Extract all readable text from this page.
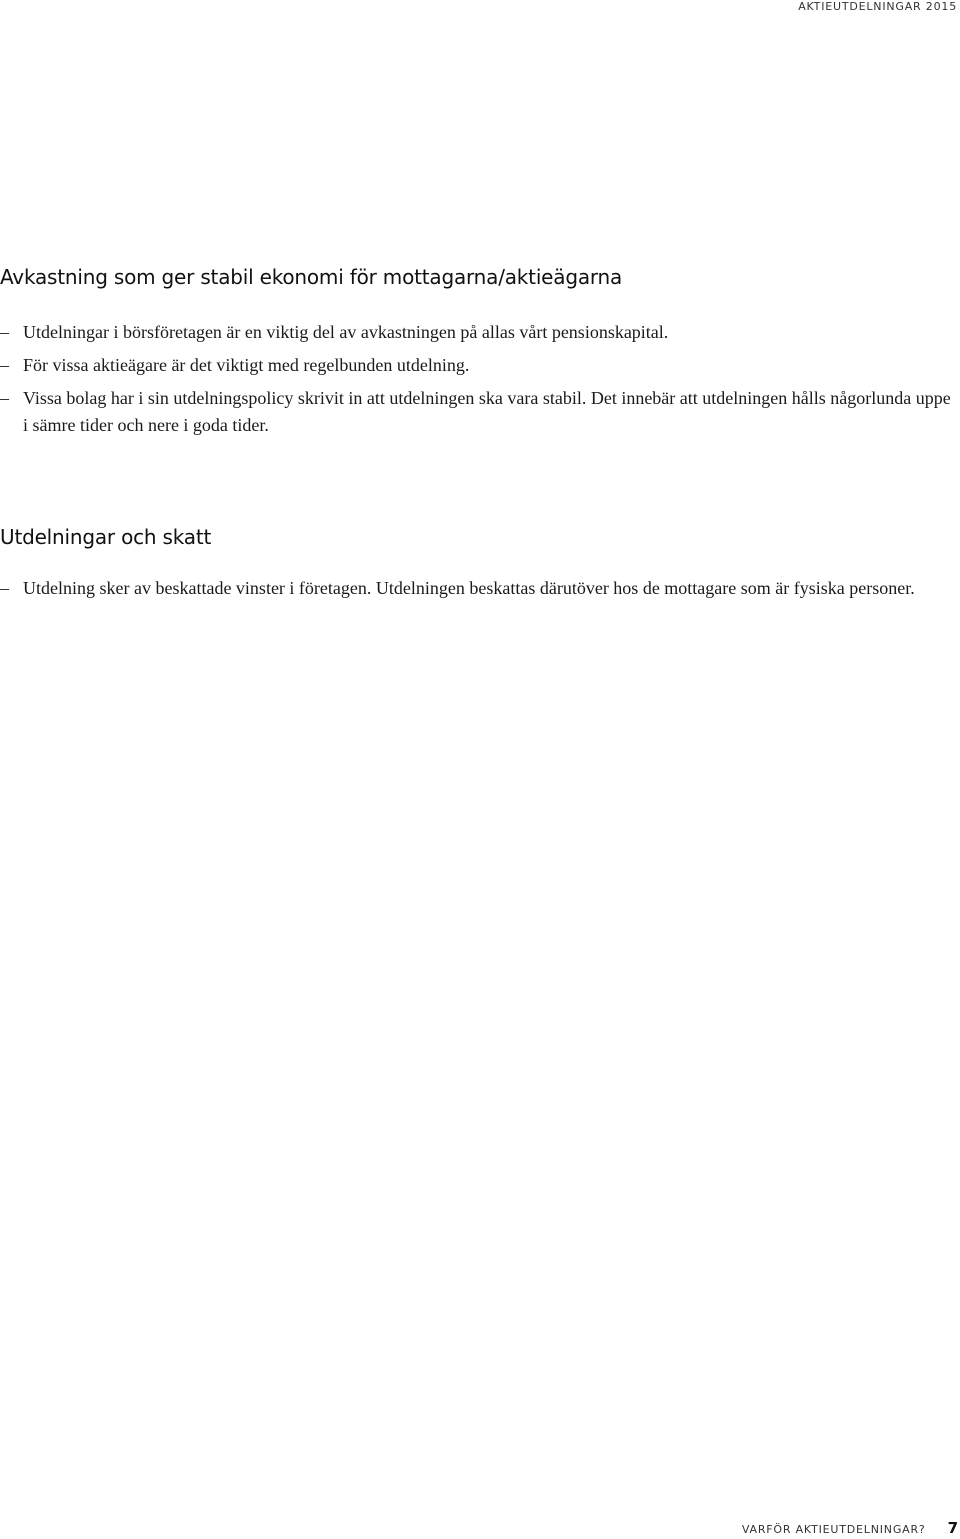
AKTIEUTDELNINGAR 2015
Avkastning som ger stabil ekonomi för mottagarna/aktieägarna
– Utdelningar i börsföretagen är en viktig del av avkastningen på allas vårt pensionskapital.
– För vissa aktieägare är det viktigt med regelbunden utdelning.
– Vissa bolag har i sin utdelningspolicy skrivit in att utdelningen ska vara stabil. Det innebär att utdelningen hålls någorlunda uppe i sämre tider och nere i goda tider.
Utdelningar och skatt
– Utdelning sker av beskattade vinster i företagen. Utdelningen beskattas därutöver hos de mottagare som är fysiska personer.
VARFÖR AKTIEUTDELNINGAR? 7
